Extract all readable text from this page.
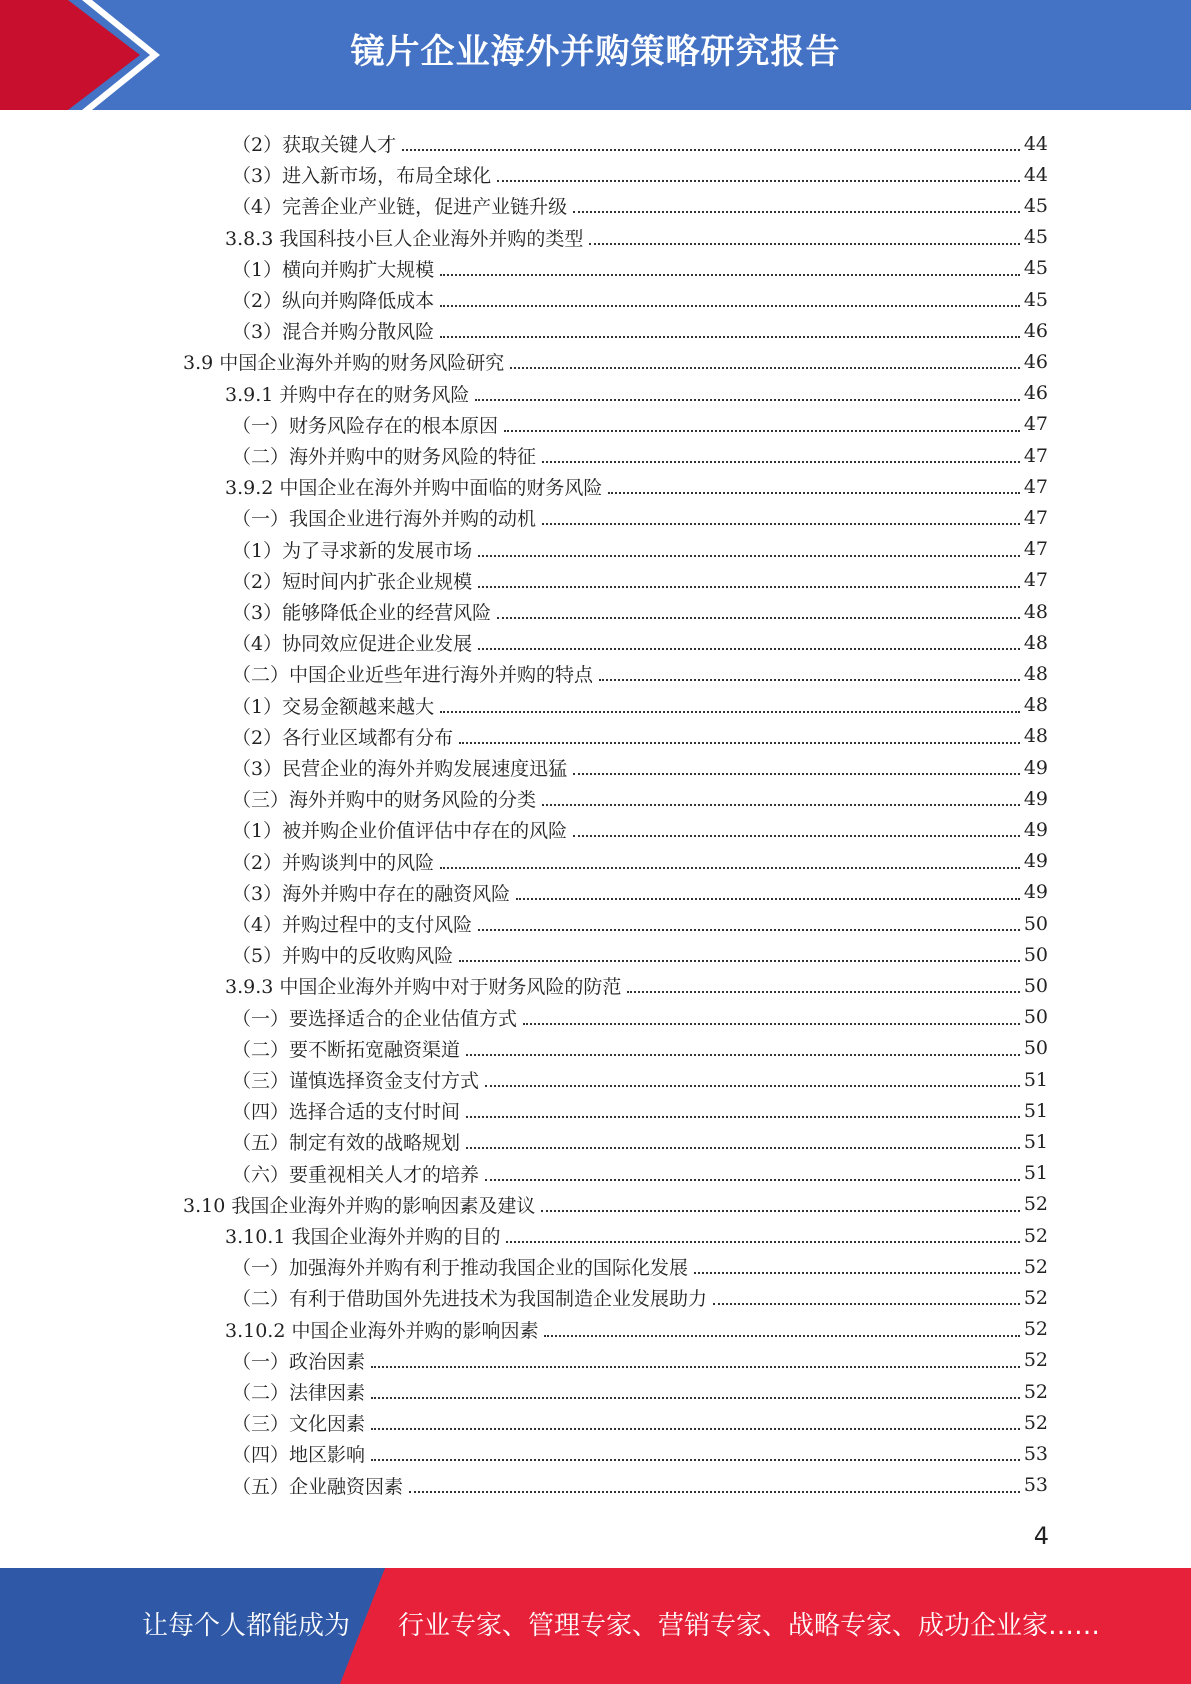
镜片企业海外并购策略研究报告
（2）获取关键人才	44
（3）进入新市场，布局全球化	44
（4）完善企业产业链，促进产业链升级	45
3.8.3 我国科技小巨人企业海外并购的类型	45
（1）横向并购扩大规模	45
（2）纵向并购降低成本	45
（3）混合并购分散风险	46
3.9 中国企业海外并购的财务风险研究	46
3.9.1 并购中存在的财务风险	46
（一）财务风险存在的根本原因	47
（二）海外并购中的财务风险的特征	47
3.9.2 中国企业在海外并购中面临的财务风险	47
（一）我国企业进行海外并购的动机	47
（1）为了寻求新的发展市场	47
（2）短时间内扩张企业规模	47
（3）能够降低企业的经营风险	48
（4）协同效应促进企业发展	48
（二）中国企业近些年进行海外并购的特点	48
（1）交易金额越来越大	48
（2）各行业区域都有分布	48
（3）民营企业的海外并购发展速度迅猛	49
（三）海外并购中的财务风险的分类	49
（1）被并购企业价值评估中存在的风险	49
（2）并购谈判中的风险	49
（3）海外并购中存在的融资风险	49
（4）并购过程中的支付风险	50
（5）并购中的反收购风险	50
3.9.3 中国企业海外并购中对于财务风险的防范	50
（一）要选择适合的企业估值方式	50
（二）要不断拓宽融资渠道	50
（三）谨慎选择资金支付方式	51
（四）选择合适的支付时间	51
（五）制定有效的战略规划	51
（六）要重视相关人才的培养	51
3.10 我国企业海外并购的影响因素及建议	52
3.10.1 我国企业海外并购的目的	52
（一）加强海外并购有利于推动我国企业的国际化发展	52
（二）有利于借助国外先进技术为我国制造企业发展助力	52
3.10.2 中国企业海外并购的影响因素	52
（一）政治因素	52
（二）法律因素	52
（三）文化因素	52
（四）地区影响	53
（五）企业融资因素	53
4
让每个人都能成为 行业专家、管理专家、营销专家、战略专家、成功企业家……
